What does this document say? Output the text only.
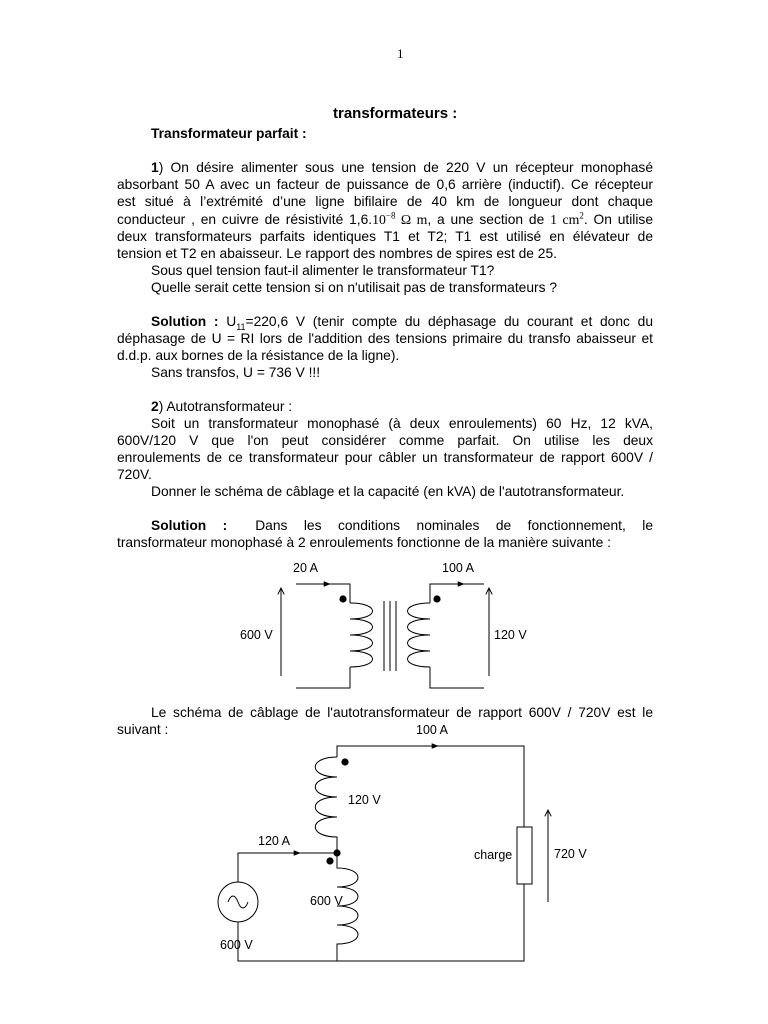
1
transformateurs :
Transformateur parfait :
1) On désire alimenter sous une tension de 220 V un récepteur monophasé
absorbant 50 A avec un facteur de puissance de 0,6 arrière (inductif). Ce récepteur
est situé à l’extrémité d’une ligne bifilaire de 40 km de longueur dont chaque
conducteur , en cuivre de résistivité $1,6.10^{-8}$ Ω m, a une section de 1 $cm^2$. On utilise
deux transformateurs parfaits identiques T1 et T2; T1 est utilisé en élévateur de
tension et T2 en abaisseur. Le rapport des nombres de spires est de 25.
Sous quel tension faut-il alimenter le transformateur T1?
Quelle serait cette tension si on n'utilisait pas de transformateurs ?
Solution : $U_{11}=220,6$ V (tenir compte du déphasage du courant et donc du
déphasage de U = RI lors de l'addition des tensions primaire du transfo abaisseur et
d.d.p. aux bornes de la résistance de la ligne).
Sans transfos, U = 736 V !!!
2) Autotransformateur :
Soit un transformateur monophasé (à deux enroulements) 60 Hz, 12 kVA,
600V/120 V que l'on peut considérer comme parfait. On utilise les deux
enroulements de ce transformateur pour câbler un transformateur de rapport 600V /
720V.
Donner le schéma de câblage et la capacité (en kVA) de l'autotransformateur.
Solution : Dans les conditions nominales de fonctionnement, le
transformateur monophasé à 2 enroulements fonctionne de la manière suivante :
Le schéma de câblage de l'autotransformateur de rapport 600V / 720V est le
suivant :
20 A	100 A
600 V	120 V
100 A
120 V
120 A
charge	720 V
600 V
600 V
